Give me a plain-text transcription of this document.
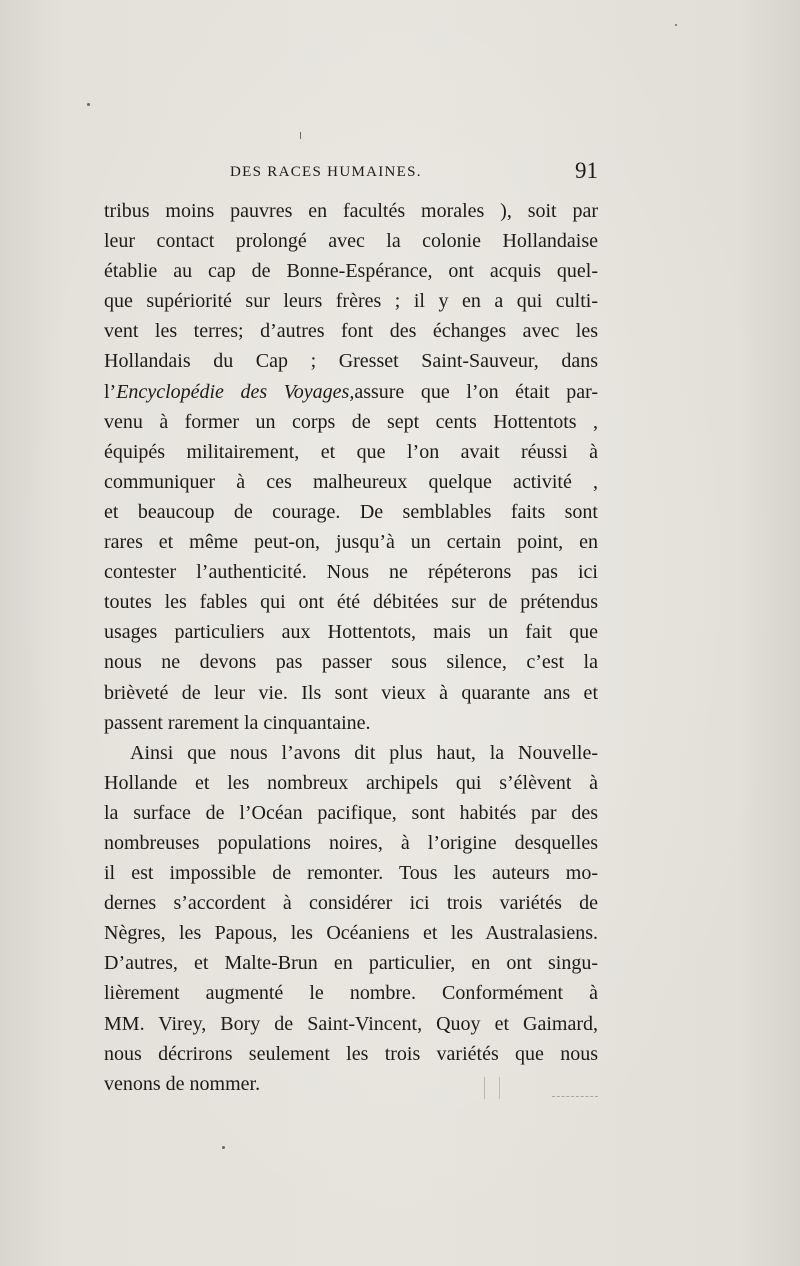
DES RACES HUMAINES.	91
tribus moins pauvres en facultés morales ), soit par
leur contact prolongé avec la colonie Hollandaise
établie au cap de Bonne-Espérance, ont acquis quel-
que supériorité sur leurs frères ; il y en a qui culti-
vent les terres; d’autres font des échanges avec les
Hollandais du Cap ; Gresset Saint-Sauveur, dans
l’Encyclopédie des Voyages,assure que l’on était par-
venu à former un corps de sept cents Hottentots ,
équipés militairement, et que l’on avait réussi à
communiquer à ces malheureux quelque activité ,
et beaucoup de courage. De semblables faits sont
rares et même peut-on, jusqu’à un certain point, en
contester l’authenticité. Nous ne répéterons pas ici
toutes les fables qui ont été débitées sur de prétendus
usages particuliers aux Hottentots, mais un fait que
nous ne devons pas passer sous silence, c’est la
brièveté de leur vie. Ils sont vieux à quarante ans et
passent rarement la cinquantaine.
Ainsi que nous l’avons dit plus haut, la Nouvelle-
Hollande et les nombreux archipels qui s’élèvent à
la surface de l’Océan pacifique, sont habités par des
nombreuses populations noires, à l’origine desquelles
il est impossible de remonter. Tous les auteurs mo-
dernes s’accordent à considérer ici trois variétés de
Nègres, les Papous, les Océaniens et les Australasiens.
D’autres, et Malte-Brun en particulier, en ont singu-
lièrement augmenté le nombre. Conformément à
MM. Virey, Bory de Saint-Vincent, Quoy et Gaimard,
nous décrirons seulement les trois variétés que nous
venons de nommer.
